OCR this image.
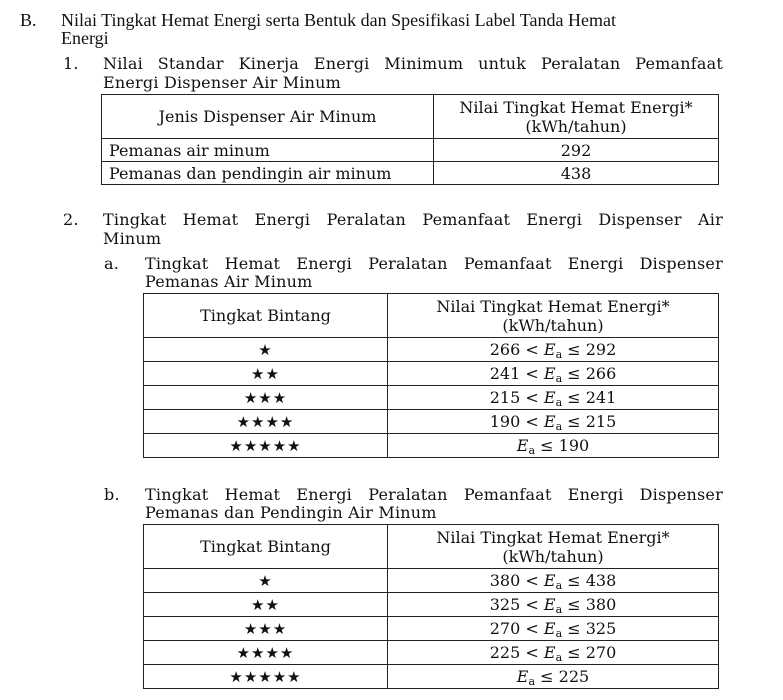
B. Nilai Tingkat Hemat Energi serta Bentuk dan Spesifikasi Label Tanda Hemat
Energi
1. Nilai Standar Kinerja Energi Minimum untuk Peralatan Pemanfaat
Energi Dispenser Air Minum
Jenis Dispenser Air Minum	Nilai Tingkat Hemat Energi*
(kWh/tahun)

Pemanas air minum	292
Pemanas dan pendingin air minum	438
2. Tingkat Hemat Energi Peralatan Pemanfaat Energi Dispenser Air
Minum
a. Tingkat Hemat Energi Peralatan Pemanfaat Energi Dispenser
Pemanas Air Minum
Tingkat Bintang	Nilai Tingkat Hemat Energi*
(kWh/tahun)

★	$266 < E_a \le 292$
★★	$241 < E_a \le 266$
★★★	$215 < E_a \le 241$
★★★★	$190 < E_a \le 215$
★★★★★	$E_a \le 190$
b. Tingkat Hemat Energi Peralatan Pemanfaat Energi Dispenser
Pemanas dan Pendingin Air Minum
Tingkat Bintang	Nilai Tingkat Hemat Energi*
(kWh/tahun)

★	$380 < E_a \le 438$
★★	$325 < E_a \le 380$
★★★	$270 < E_a \le 325$
★★★★	$225 < E_a \le 270$
★★★★★	$E_a \le 225$
